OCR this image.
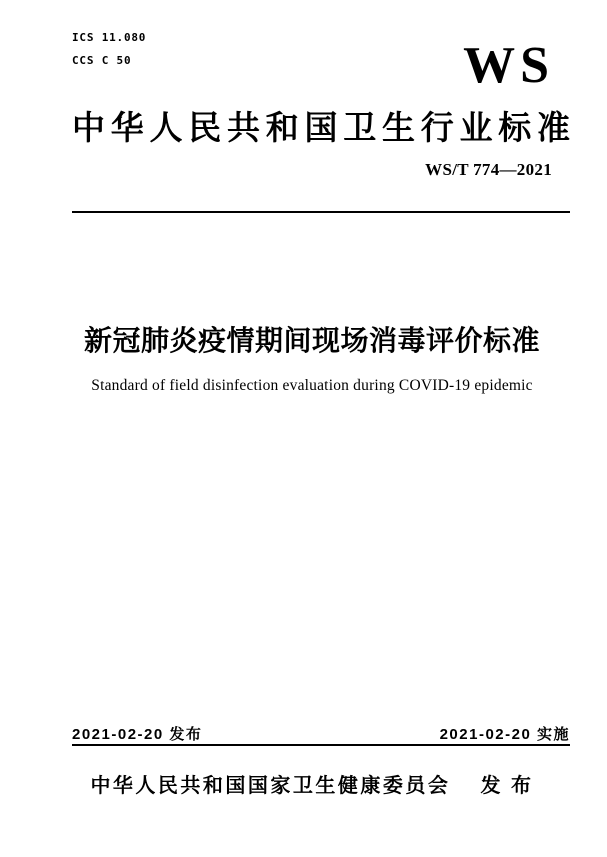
ICS 11.080
CCS C 50	WS
中 华 人 民 共 和 国 卫 生 行 业 标 准
WS/T 774—2021
新冠肺炎疫情期间现场消毒评价标准
Standard of field disinfection evaluation during COVID-19 epidemic
2021-02-20 发布	2021-02-20 实施
中华人民共和国国家卫生健康委员会 发 布
